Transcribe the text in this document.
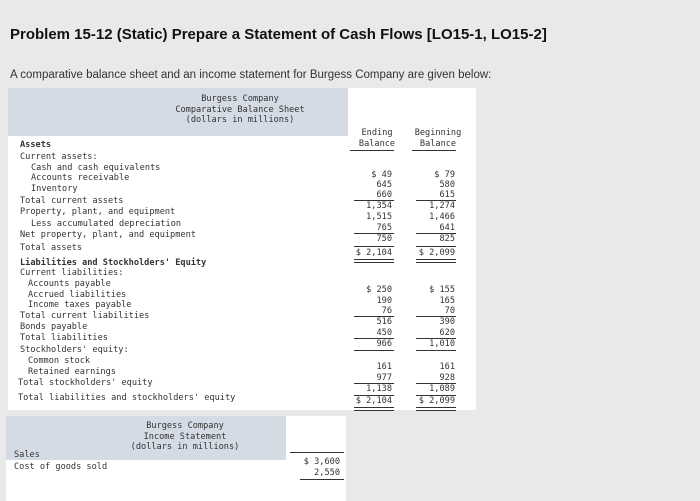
Problem 15-12 (Static) Prepare a Statement of Cash Flows [LO15-1, LO15-2]

A comparative balance sheet and an income statement for Burgess Company are given below:

Burgess Company
Comparative Balance Sheet
(dollars in millions)
Ending
Balance
Beginning
Balance
Assets
Current assets:
Cash and cash equivalents
Accounts receivable
Inventory
Total current assets
Property, plant, and equipment
Less accumulated depreciation
Net property, plant, and equipment
Total assets
Liabilities and Stockholders' Equity
Current liabilities:
Accounts payable
Accrued liabilities
Income taxes payable
Total current liabilities
Bonds payable
Total liabilities
Stockholders' equity:
Common stock
Retained earnings
Total stockholders' equity
Total liabilities and stockholders' equity
$ 49
645
660
1,354
1,515
765
750
$ 2,104
$ 250
190
76
516
450
966
161
977
1,138
$ 2,104
$ 79
580
615
1,274
1,466
641
825
$ 2,099
$ 155
165
70
390
620
1,010
161
928
1,089
$ 2,099
Burgess Company
Income Statement
(dollars in millions)
Sales
Cost of goods sold	$ 3,600
2,550
